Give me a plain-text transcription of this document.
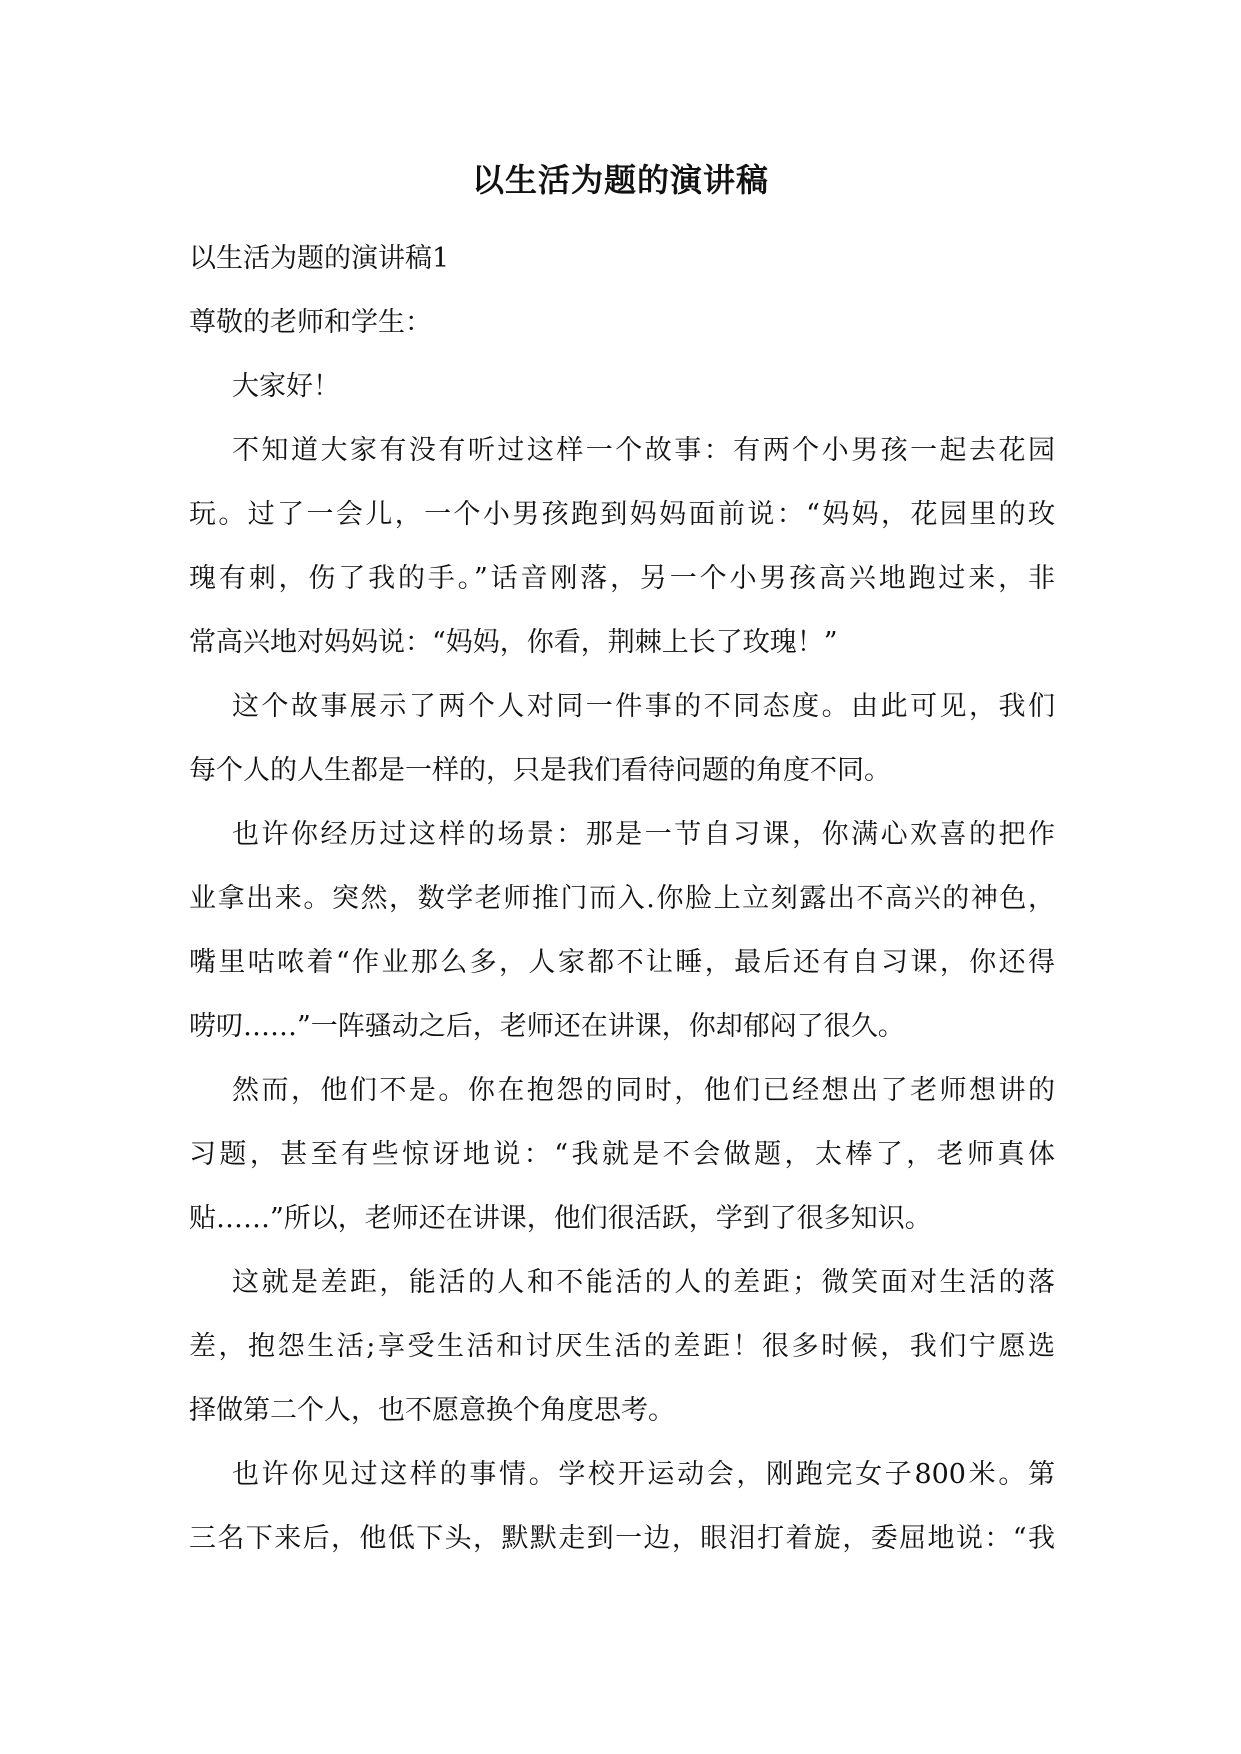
以生活为题的演讲稿
以生活为题的演讲稿1
尊敬的老师和学生：
大家好！
不知道大家有没有听过这样一个故事：有两个小男孩一起去花园
玩。过了一会儿，一个小男孩跑到妈妈面前说：“妈妈，花园里的玫
瑰有刺，伤了我的手。”话音刚落，另一个小男孩高兴地跑过来，非
常高兴地对妈妈说：“妈妈，你看，荆棘上长了玫瑰！”
这个故事展示了两个人对同一件事的不同态度。由此可见，我们
每个人的人生都是一样的，只是我们看待问题的角度不同。
也许你经历过这样的场景：那是一节自习课，你满心欢喜的把作
业拿出来。突然，数学老师推门而入.你脸上立刻露出不高兴的神色，
嘴里咕哝着“作业那么多，人家都不让睡，最后还有自习课，你还得
唠叨……”一阵骚动之后，老师还在讲课，你却郁闷了很久。
然而，他们不是。你在抱怨的同时，他们已经想出了老师想讲的
习题，甚至有些惊讶地说：“我就是不会做题，太棒了，老师真体
贴……”所以，老师还在讲课，他们很活跃，学到了很多知识。
这就是差距，能活的人和不能活的人的差距；微笑面对生活的落
差，抱怨生活;享受生活和讨厌生活的差距！很多时候，我们宁愿选
择做第二个人，也不愿意换个角度思考。
也许你见过这样的事情。学校开运动会，刚跑完女子800米。第
三名下来后，他低下头，默默走到一边，眼泪打着旋，委屈地说：“我
